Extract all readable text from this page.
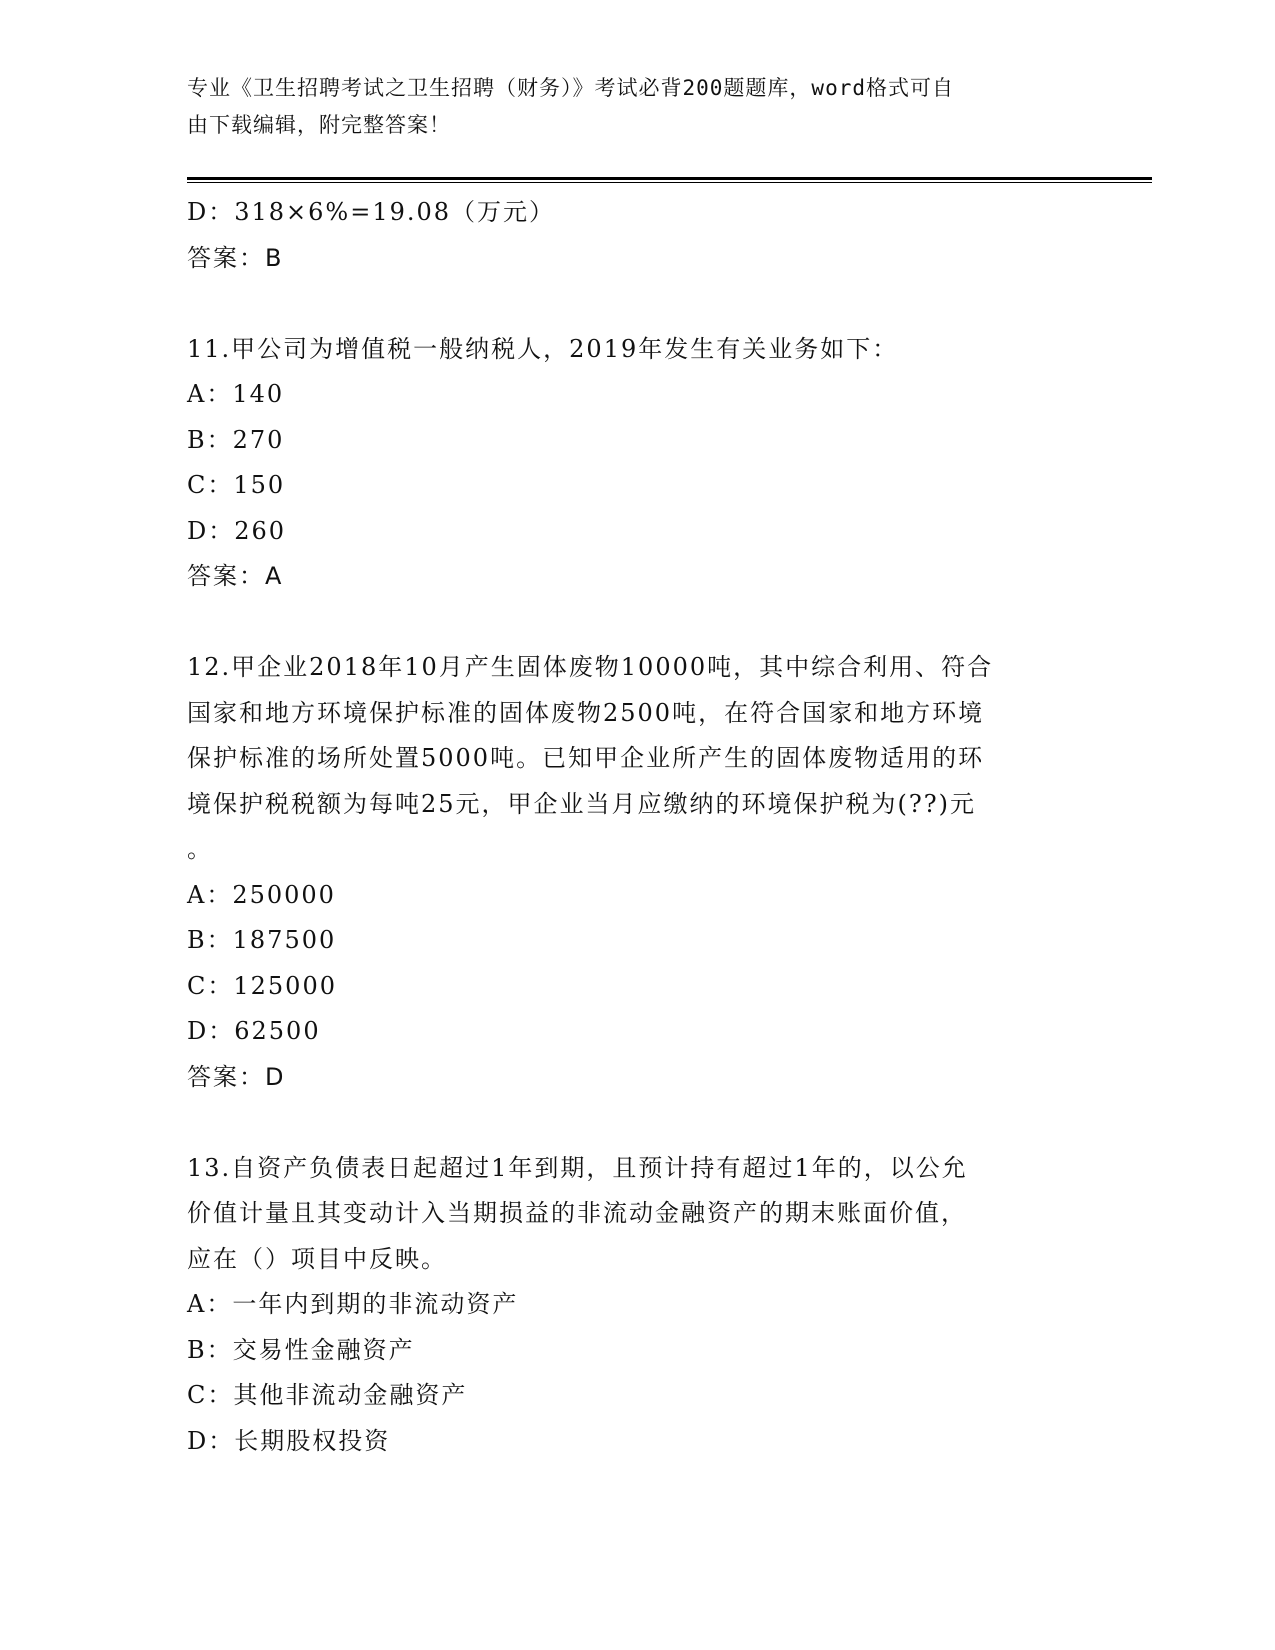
专业《卫生招聘考试之卫生招聘（财务）》考试必背200题题库，word格式可自
由下载编辑，附完整答案！
D：318×6%=19.08（万元）
答案：B
11.甲公司为增值税一般纳税人，2019年发生有关业务如下：
A：140
B：270
C：150
D：260
答案：A
12.甲企业2018年10月产生固体废物10000吨，其中综合利用、符合
国家和地方环境保护标准的固体废物2500吨，在符合国家和地方环境
保护标准的场所处置5000吨。已知甲企业所产生的固体废物适用的环
境保护税税额为每吨25元，甲企业当月应缴纳的环境保护税为(??)元
。
A：250000
B：187500
C：125000
D：62500
答案：D
13.自资产负债表日起超过1年到期，且预计持有超过1年的，以公允
价值计量且其变动计入当期损益的非流动金融资产的期末账面价值，
应在（）项目中反映。
A：一年内到期的非流动资产
B：交易性金融资产
C：其他非流动金融资产
D：长期股权投资
